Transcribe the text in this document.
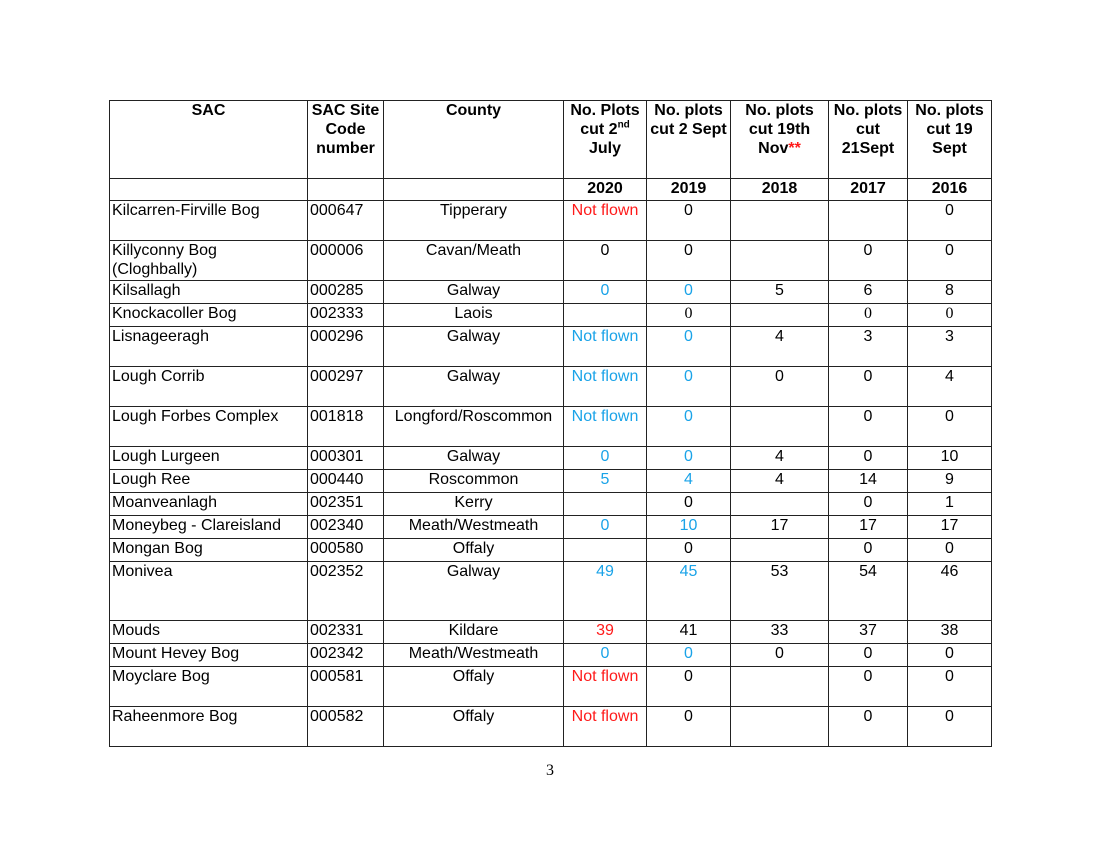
SAC	SAC Site Code number	County	No. Plots cut 2nd July	No. plots cut 2 Sept	No. plots cut 19th Nov**	No. plots cut 21Sept	No. plots cut 19 Sept
			2020	2019	2018	2017	2016
Kilcarren-Firville Bog	000647	Tipperary	Not flown	0			0
Killyconny Bog (Cloghbally)	000006	Cavan/Meath	0	0		0	0
Kilsallagh	000285	Galway	0	0	5	6	8
Knockacoller Bog	002333	Laois		0		0	0
Lisnageeragh	000296	Galway	Not flown	0	4	3	3
Lough Corrib	000297	Galway	Not flown	0	0	0	4
Lough Forbes Complex	001818	Longford/Roscommon	Not flown	0		0	0
Lough Lurgeen	000301	Galway	0	0	4	0	10
Lough Ree	000440	Roscommon	5	4	4	14	9
Moanveanlagh	002351	Kerry		0		0	1
Moneybeg - Clareisland	002340	Meath/Westmeath	0	10	17	17	17
Mongan Bog	000580	Offaly		0		0	0
Monivea	002352	Galway	49	45	53	54	46
Mouds	002331	Kildare	39	41	33	37	38
Mount Hevey Bog	002342	Meath/Westmeath	0	0	0	0	0
Moyclare Bog	000581	Offaly	Not flown	0		0	0
Raheenmore Bog	000582	Offaly	Not flown	0		0	0
3
